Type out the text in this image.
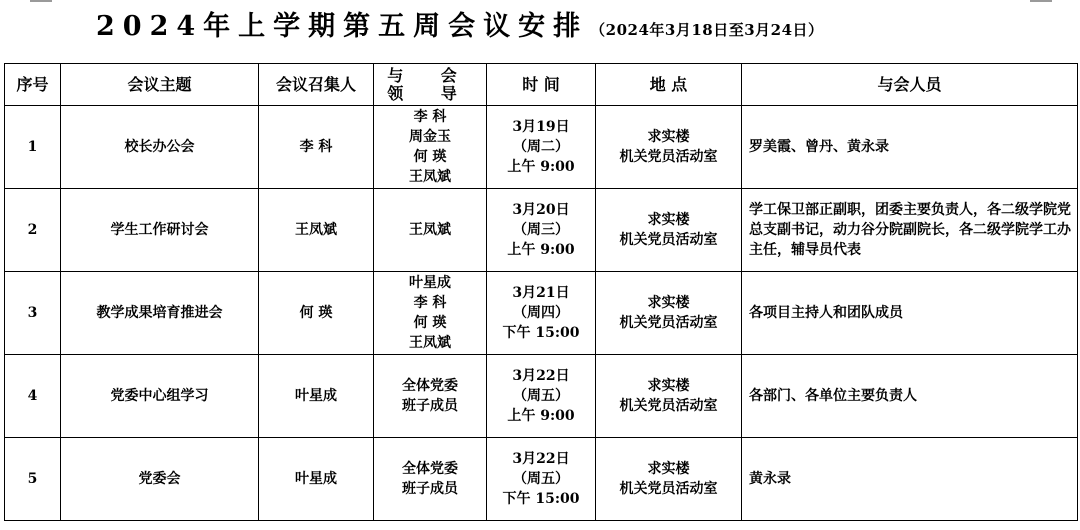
2024年上学期第五周会议安排 （2024年3月18日至3月24日）
序号	会议主题	会议召集人	与 会
领 导	时 间	地 点	与会人员
1	校长办公会	李 科	李 科
周金玉
何 瑛
王凤斌	3月19日
（周二）
上午 9:00	求实楼
机关党员活动室	罗美霞、曾丹、黄永录
2	学生工作研讨会	王凤斌	王凤斌	3月20日
（周三）
上午 9:00	求实楼
机关党员活动室	学工保卫部正副职，团委主要负责人，各二级学院党总支副书记，动力谷分院副院长，各二级学院学工办主任，辅导员代表
3	教学成果培育推进会	何 瑛	叶星成
李 科
何 瑛
王凤斌	3月21日
（周四）
下午 15:00	求实楼
机关党员活动室	各项目主持人和团队成员
4	党委中心组学习	叶星成	全体党委
班子成员	3月22日
（周五）
上午 9:00	求实楼
机关党员活动室	各部门、各单位主要负责人
5	党委会	叶星成	全体党委
班子成员	3月22日
（周五）
下午 15:00	求实楼
机关党员活动室	黄永录
